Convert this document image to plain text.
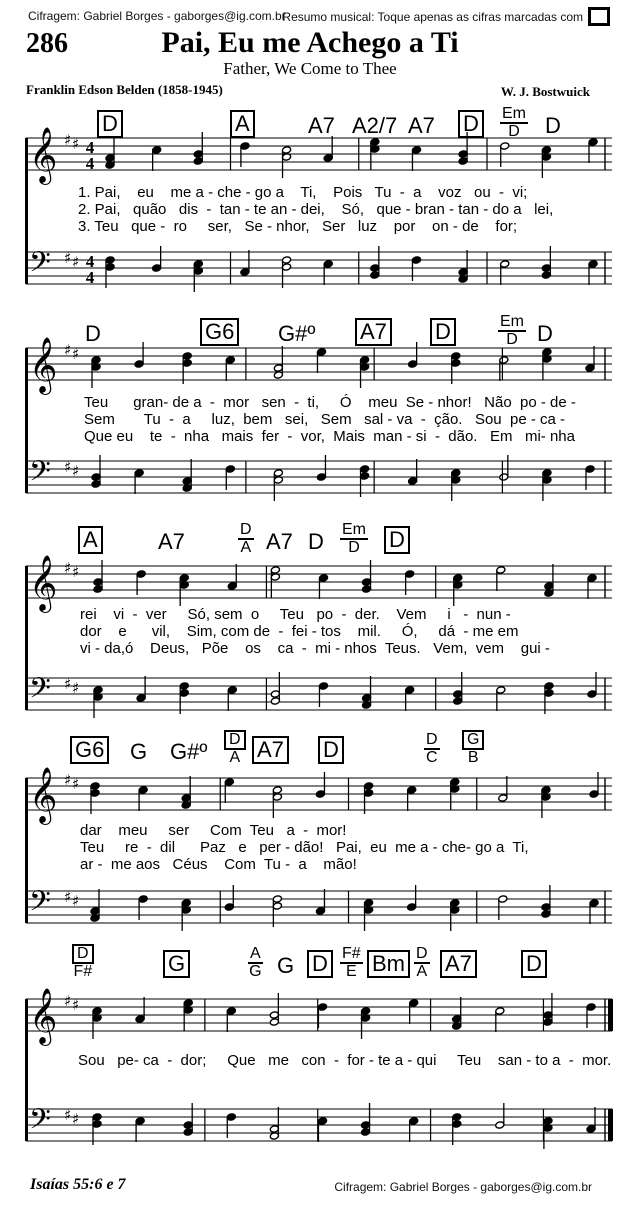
Cifragem: Gabriel Borges - gaborges@ig.com.br
Resumo musical: Toque apenas as cifras marcadas com
286	Pai, Eu me Achego a Ti
Father, We Come to Thee
Franklin Edson Belden (1858-1945)	W. J. Bostwuick
D	A	A7 A2/7 A7 D	$\frac{Em}{D}$ D
𝄞 ♯ ♯ 4
4
𝄢 ♯ ♯ 4
4
1. Pai,    eu    me a - che - go a    Ti,    Pois   Tu  -  a    voz   ou  -  vi;
2. Pai,   quão   dis  -  tan - te an - dei,    Só,   que - bran - tan - do a   lei,
3. Teu   que -  ro     ser,   Se - nhor,   Ser   luz    por    on - de    for;
D	G6 G#º A7 D	$\frac{Em}{D}$ D
𝄞 ♯ ♯
𝄢 ♯ ♯
Teu      gran- de a  -  mor   sen  -  ti,     Ó    meu  Se - nhor!   Não  po - de -
Sem       Tu  -  a     luz,  bem   sei,   Sem   sal - va  -  ção.   Sou  pe - ca -
Que eu    te  -  nha   mais  fer  -  vor,  Mais  man - si  -  dão.   Em   mi- nha
A	A7	$\frac{D}{A} A7$ D $\frac{Em}{D}$ D
𝄞 ♯ ♯
𝄢 ♯ ♯
rei    vi  -  ver     Só, sem  o     Teu   po  -  der.    Vem     i   -  nun -
dor    e      vil,    Sim, com de  -  fei - tos    mil.     Ó,     dá  - me em
vi - da,ó    Deus,   Põe    os    ca  -  mi - nhos  Teus.   Vem,  vem    gui -
G6 G G#º $\frac{D}{A} A7$ D	$\frac{D}{C} \frac{G}{B}$
𝄞 ♯ ♯
𝄢 ♯ ♯
dar    meu     ser     Com  Teu   a  -  mor!
Teu     re  -  dil      Paz   e   per - dão!   Pai,  eu  me a - che- go a  Ti,
ar -  me aos   Céus    Com  Tu -  a    mão!
$\frac{D}{F\#}$	G	$\frac{A}{G}$ G D $\frac{F\#}{E}$ Bm $\frac{D}{A} A7$ D
𝄞 ♯ ♯
𝄢 ♯ ♯
Sou   pe- ca  -  dor;     Que   me   con  -  for - te a - qui     Teu    san - to a  -  mor.
Isaías 55:6 e 7	Cifragem: Gabriel Borges - gaborges@ig.com.br
